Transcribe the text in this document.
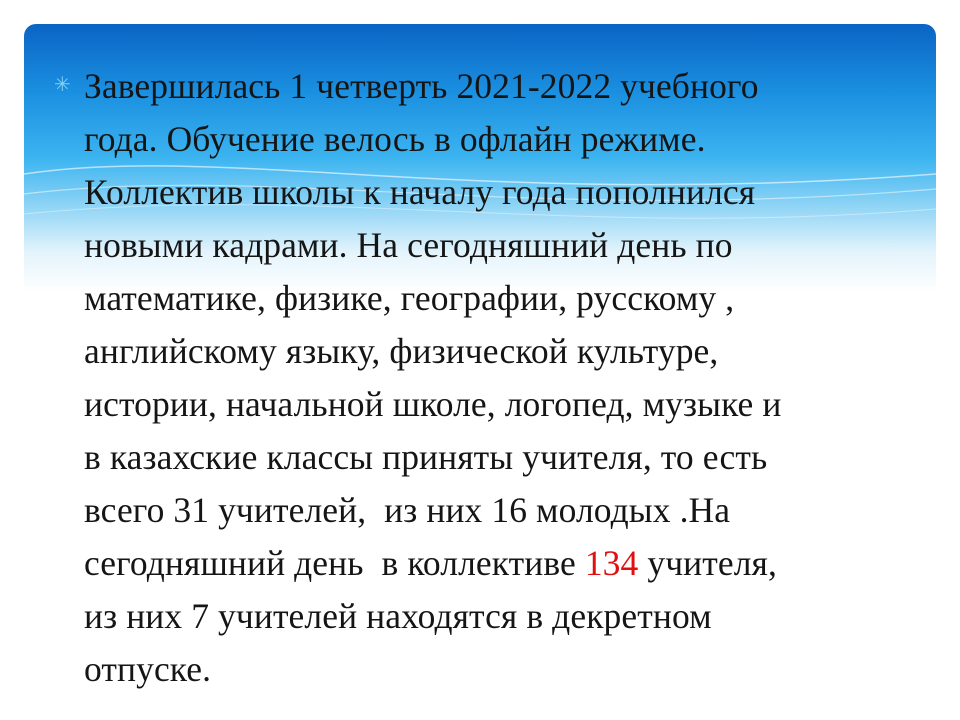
✳ Завершилась 1 четверть 2021-2022 учебного
года. Обучение велось в офлайн режиме.
Коллектив школы к началу года пополнился
новыми кадрами. На сегодняшний день по
математике, физике, географии, русскому ,
английскому языку, физической культуре,
истории, начальной школе, логопед, музыке и
в казахские классы приняты учителя, то есть
всего 31 учителей,  из них 16 молодых .На
сегодняшний день  в коллективе 134 учителя,
из них 7 учителей находятся в декретном
отпуске.
